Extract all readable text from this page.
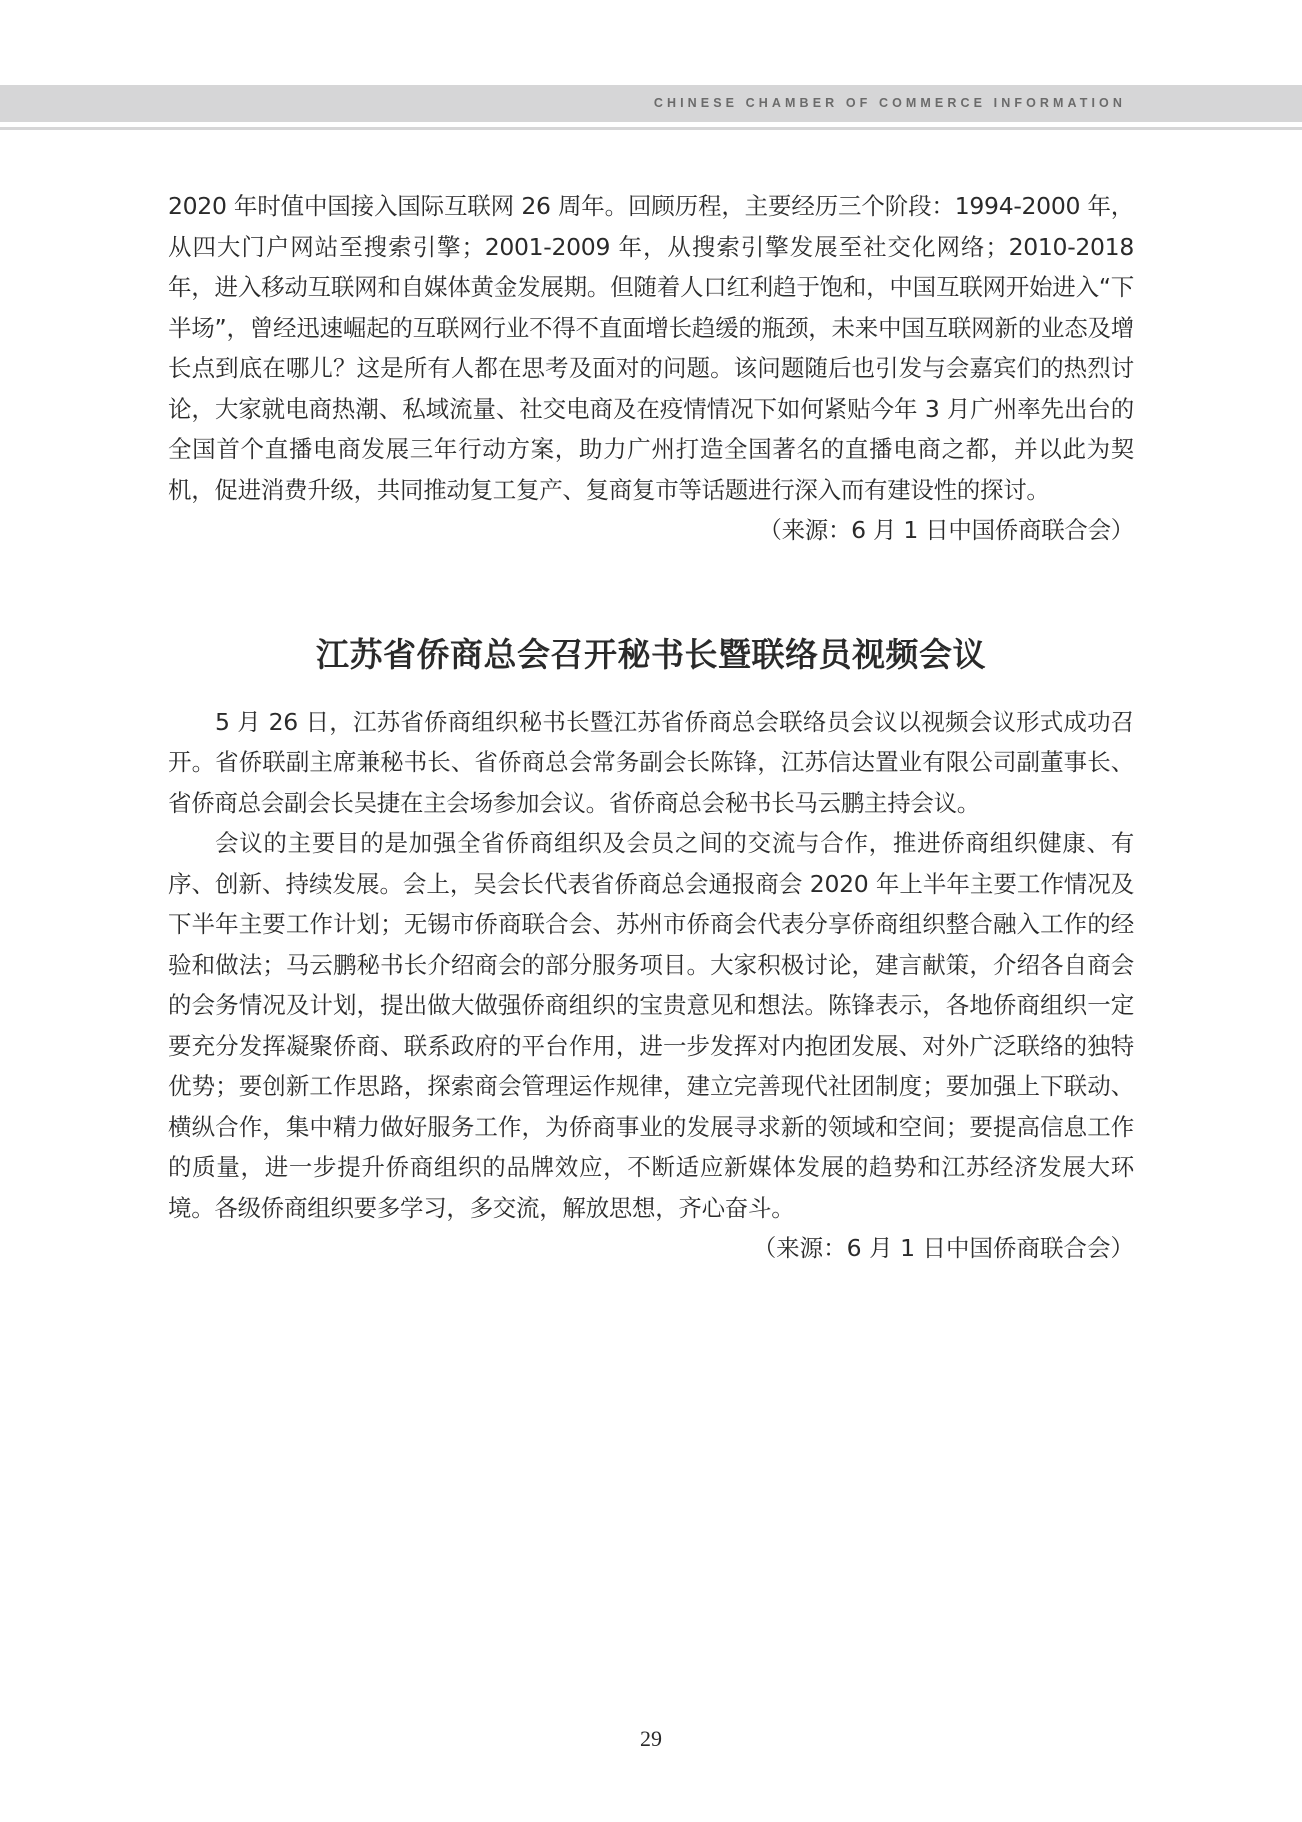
CHINESE CHAMBER OF COMMERCE INFORMATION

2020 年时值中国接入国际互联网 26 周年。回顾历程，主要经历三个阶段：1994-2000 年，从四大门户网站至搜索引擎；2001-2009 年，从搜索引擎发展至社交化网络；2010-2018 年，进入移动互联网和自媒体黄金发展期。但随着人口红利趋于饱和，中国互联网开始进入“下半场”，曾经迅速崛起的互联网行业不得不直面增长趋缓的瓶颈，未来中国互联网新的业态及增长点到底在哪儿？这是所有人都在思考及面对的问题。该问题随后也引发与会嘉宾们的热烈讨论，大家就电商热潮、私域流量、社交电商及在疫情情况下如何紧贴今年 3 月广州率先出台的全国首个直播电商发展三年行动方案，助力广州打造全国著名的直播电商之都，并以此为契机，促进消费升级，共同推动复工复产、复商复市等话题进行深入而有建设性的探讨。
（来源：6 月 1 日中国侨商联合会）

江苏省侨商总会召开秘书长暨联络员视频会议

5 月 26 日，江苏省侨商组织秘书长暨江苏省侨商总会联络员会议以视频会议形式成功召开。省侨联副主席兼秘书长、省侨商总会常务副会长陈锋，江苏信达置业有限公司副董事长、省侨商总会副会长吴捷在主会场参加会议。省侨商总会秘书长马云鹏主持会议。

会议的主要目的是加强全省侨商组织及会员之间的交流与合作，推进侨商组织健康、有序、创新、持续发展。会上，吴会长代表省侨商总会通报商会 2020 年上半年主要工作情况及下半年主要工作计划；无锡市侨商联合会、苏州市侨商会代表分享侨商组织整合融入工作的经验和做法；马云鹏秘书长介绍商会的部分服务项目。大家积极讨论，建言献策，介绍各自商会的会务情况及计划，提出做大做强侨商组织的宝贵意见和想法。陈锋表示，各地侨商组织一定要充分发挥凝聚侨商、联系政府的平台作用，进一步发挥对内抱团发展、对外广泛联络的独特优势；要创新工作思路，探索商会管理运作规律，建立完善现代社团制度；要加强上下联动、横纵合作，集中精力做好服务工作，为侨商事业的发展寻求新的领域和空间；要提高信息工作的质量，进一步提升侨商组织的品牌效应，不断适应新媒体发展的趋势和江苏经济发展大环境。各级侨商组织要多学习，多交流，解放思想，齐心奋斗。

（来源：6 月 1 日中国侨商联合会）

29
